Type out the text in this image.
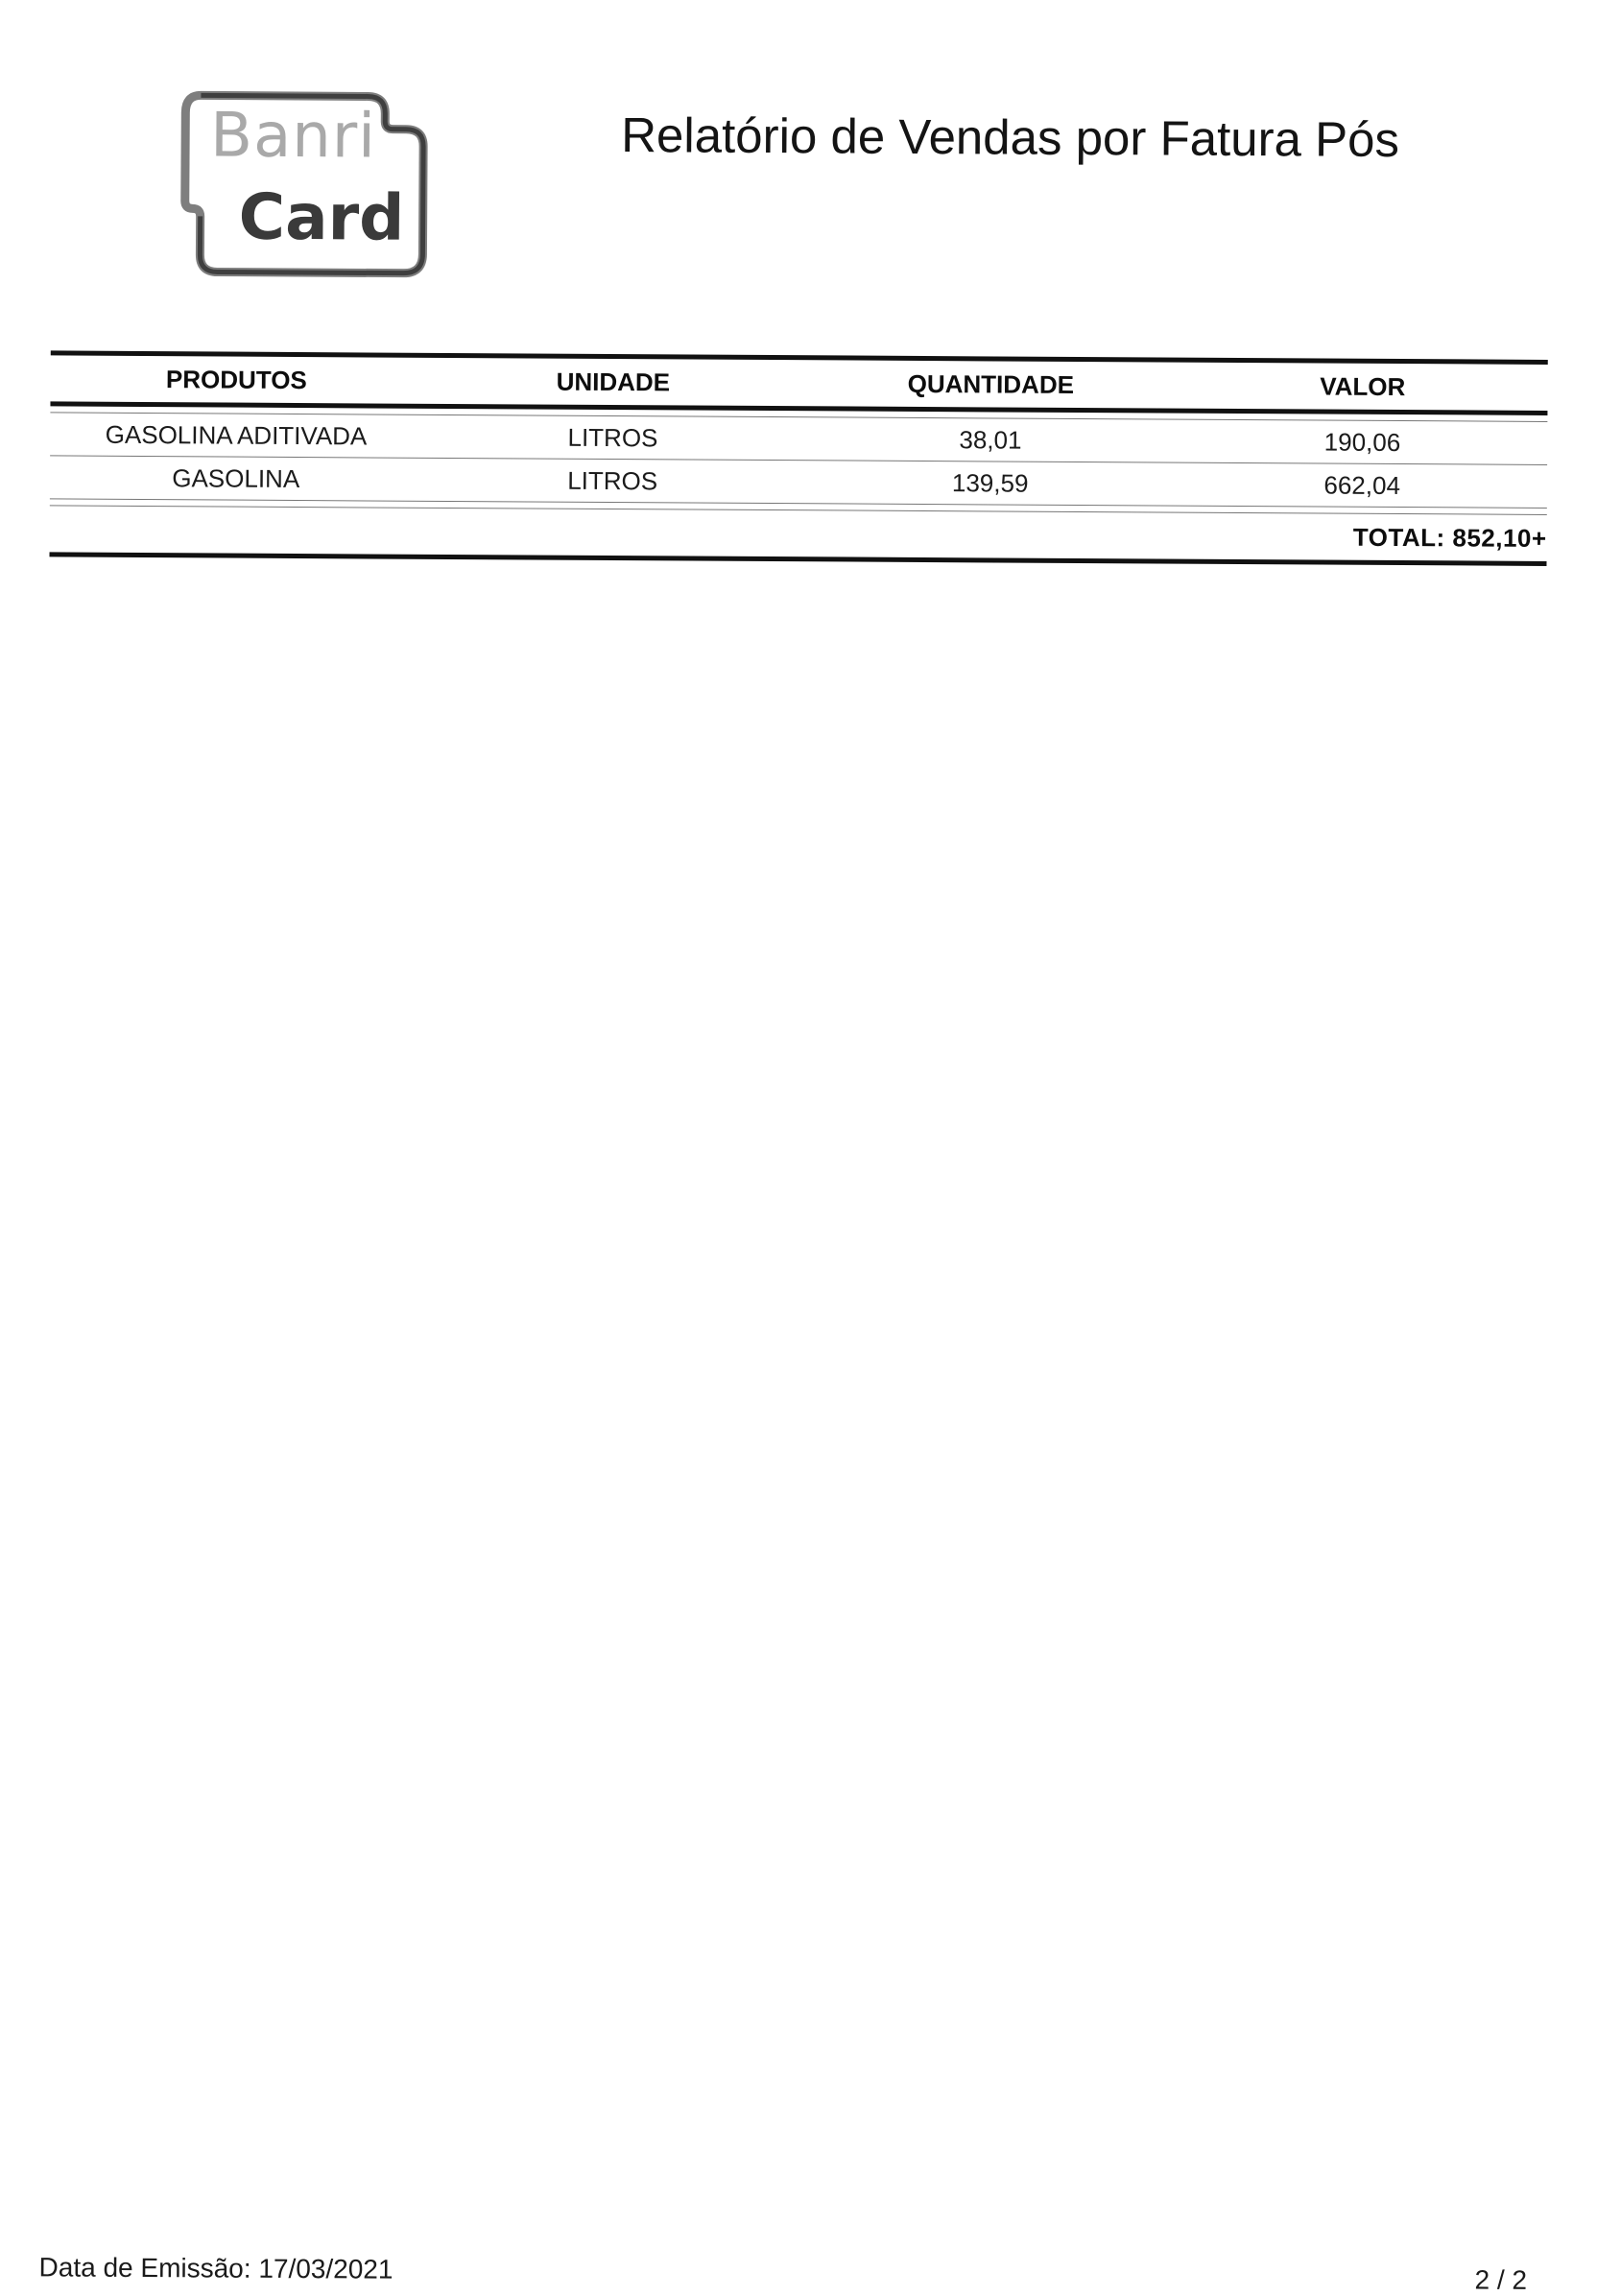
Banri
Card
Relatório de Vendas por Fatura Pós
PRODUTOS	UNIDADE	QUANTIDADE	VALOR
GASOLINA ADITIVADA	LITROS	38,01	190,06
GASOLINA	LITROS	139,59	662,04
TOTAL: 852,10+
Data de Emissão: 17/03/2021	2 / 2
